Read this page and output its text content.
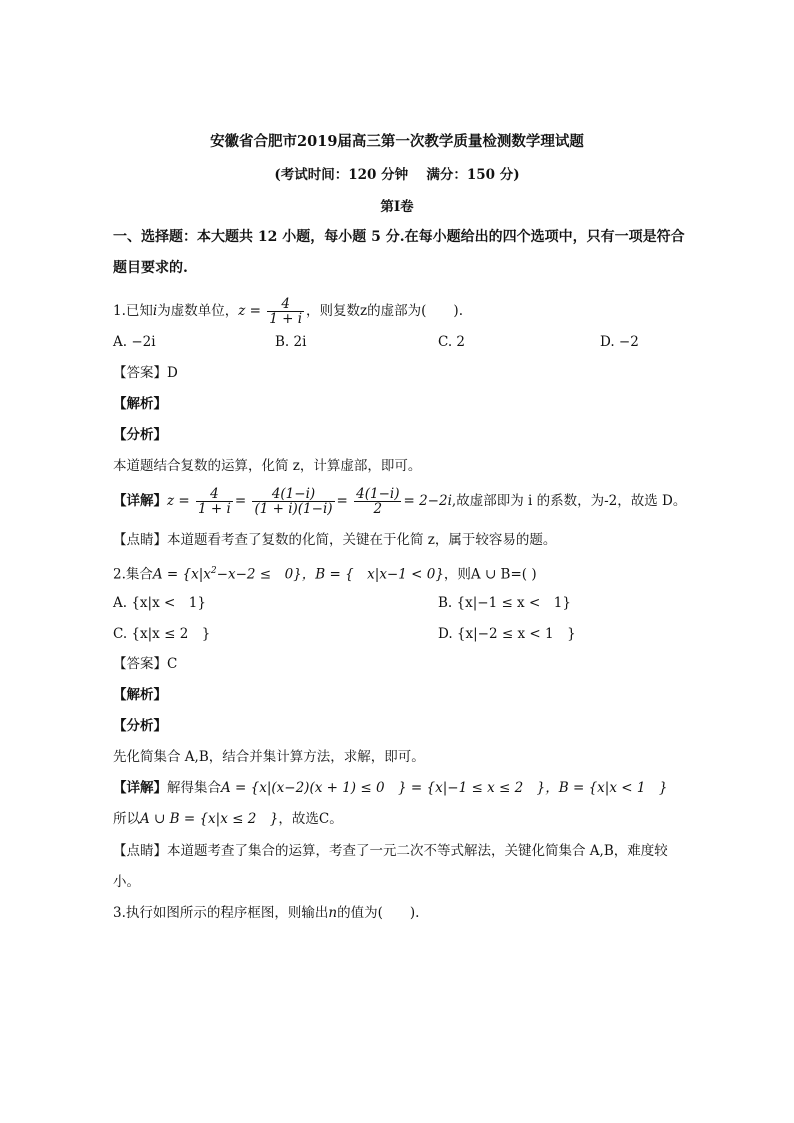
安徽省合肥市2019届高三第一次教学质量检测数学理试题
(考试时间：120 分钟　 满分：150 分)
第Ⅰ卷
一、选择题：本大题共 12 小题，每小题 5 分.在每小题给出的四个选项中，只有一项是符合
题目要求的.
1.已知i为虚数单位，$z = \frac{4}{1 + i}$ ，则复数z的虚部为(　　).
A. −2i	B. 2i	C. 2	D. −2
【答案】D
【解析】
【分析】
本道题结合复数的运算，化简 z，计算虚部，即可。
【详解】$z = \frac{4}{1 + i} = \frac{4(1-i)}{(1 + i)(1-i)} = \frac{4(1-i)}{2} = 2-2i$,故虚部即为 i 的系数，为-2，故选 D。
【点睛】本道题看考查了复数的化简，关键在于化简 z，属于较容易的题。
2.集合$A = \{x|x^2-x-2$ ≤　0}，B = {　x|x−1 < 0}，则A ∪ B=( )
A. {x|x <　1}	B. {x|−1 ≤ x <　1}
C. {x|x ≤ 2　}	D. {x|−2 ≤ x < 1　}
【答案】C
【解析】
【分析】
先化简集合 A,B，结合并集计算方法，求解，即可。
【详解】解得集合A = {x|(x−2)(x + 1) ≤ 0　} = {x|−1 ≤ x ≤ 2　}，B = {x|x < 1　}
所以A ∪ B = {x|x ≤ 2　}，故选C。
【点睛】本道题考查了集合的运算，考查了一元二次不等式解法，关键化简集合 A,B，难度较
小。
3.执行如图所示的程序框图，则输出n的值为(　　).
